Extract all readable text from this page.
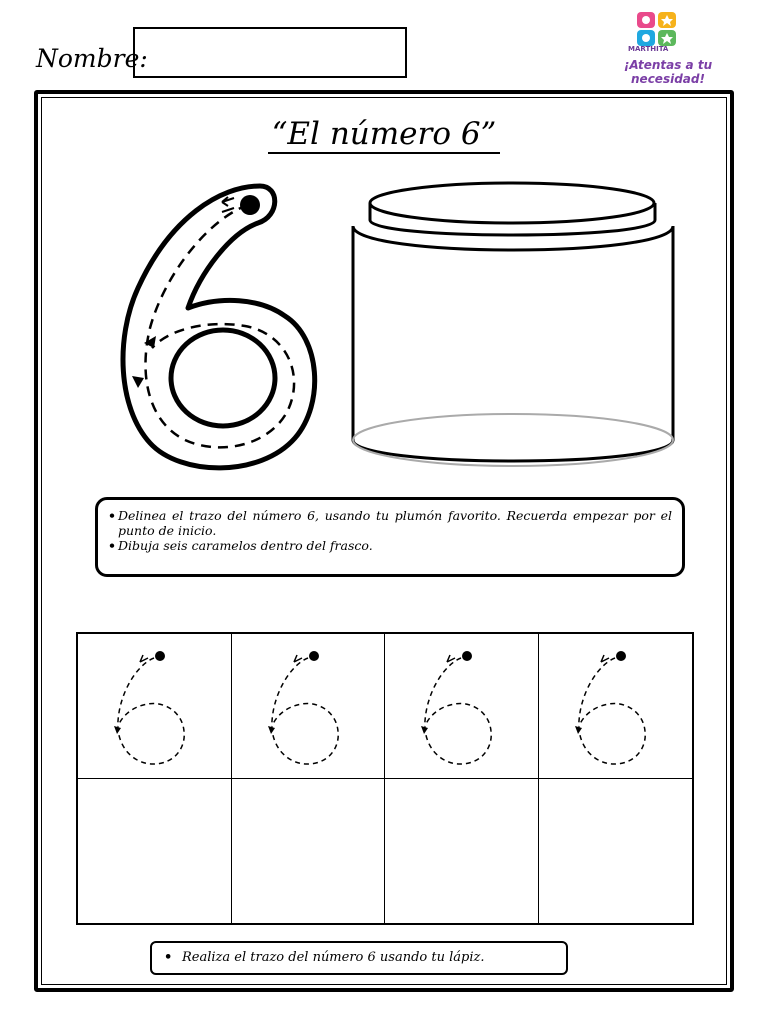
Nombre:	MARTHITA
¡Atentas a tu necesidad!
“El número 6”
• Delinea el trazo del número 6, usando tu plumón favorito. Recuerda empezar por el punto de inicio.
• Dibuja seis caramelos dentro del frasco.
• Realiza el trazo del número 6 usando tu lápiz.
